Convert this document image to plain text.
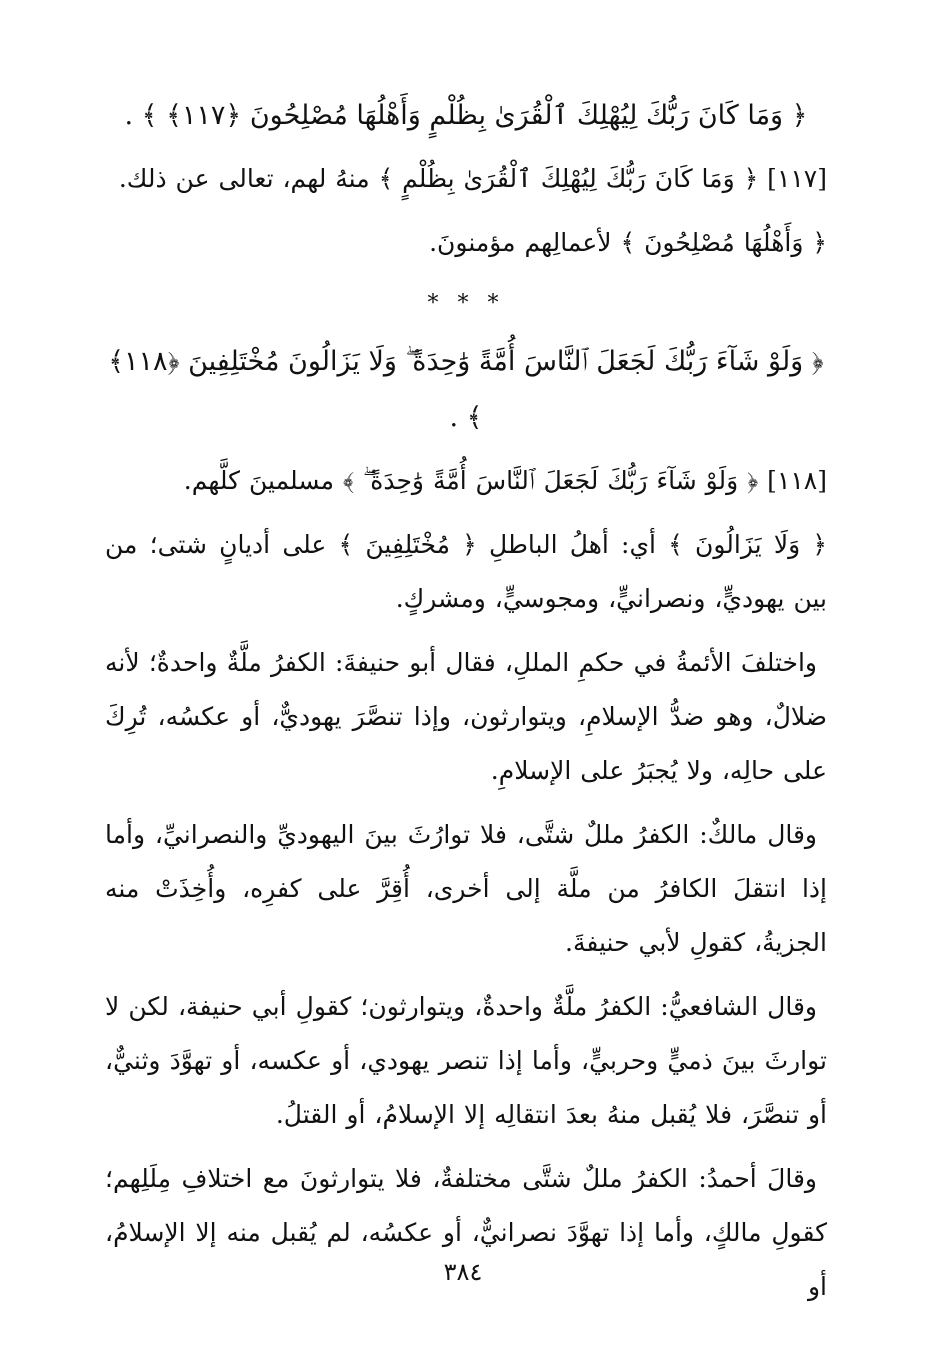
﴿ وَمَا كَانَ رَبُّكَ لِيُهْلِكَ ٱلْقُرَىٰ بِظُلْمٍ وَأَهْلُهَا مُصْلِحُونَ ﴿١١٧﴾ ﴾ .

[١١٧] ﴿ وَمَا كَانَ رَبُّكَ لِيُهْلِكَ ٱلْقُرَىٰ بِظُلْمٍ ﴾ منهُ لهم، تعالى عن ذلك.

﴿ وَأَهْلُهَا مُصْلِحُونَ ﴾ لأعمالِهم مؤمنونَ.

* * *

﴿ وَلَوْ شَآءَ رَبُّكَ لَجَعَلَ ٱلنَّاسَ أُمَّةً وَٰحِدَةً ۖ وَلَا يَزَالُونَ مُخْتَلِفِينَ ﴿١١٨﴾ ﴾ .

[١١٨] ﴿ وَلَوْ شَآءَ رَبُّكَ لَجَعَلَ ٱلنَّاسَ أُمَّةً وَٰحِدَةً ۖ ﴾ مسلمينَ كلَّهم.

﴿ وَلَا يَزَالُونَ ﴾ أي: أهلُ الباطلِ ﴿ مُخْتَلِفِينَ ﴾ على أديانٍ شتى؛ من بين يهوديٍّ، ونصرانيٍّ، ومجوسيٍّ، ومشركٍ.

واختلفَ الأئمةُ في حكمِ المللِ، فقال أبو حنيفةَ: الكفرُ ملَّةٌ واحدةٌ؛ لأنه ضلالٌ، وهو ضدُّ الإسلامِ، ويتوارثون، وإذا تنصَّرَ يهوديٌّ، أو عكسُه، تُرِكَ على حالِه، ولا يُجبَرُ على الإسلامِ.

وقال مالكٌ: الكفرُ مللٌ شتَّى، فلا توارُثَ بينَ اليهوديِّ والنصرانيِّ، وأما إذا انتقلَ الكافرُ من ملَّة إلى أخرى، أُقِرَّ على كفرِه، وأُخِذَتْ منه الجزيةُ، كقولِ لأبي حنيفةَ.

وقال الشافعيُّ: الكفرُ ملَّةٌ واحدةٌ، ويتوارثون؛ كقولِ أبي حنيفة، لكن لا توارثَ بينَ ذميٍّ وحربيٍّ، وأما إذا تنصر يهودي، أو عكسه، أو تهوَّدَ وثنيٌّ، أو تنصَّرَ، فلا يُقبل منهُ بعدَ انتقالِه إلا الإسلامُ، أو القتلُ.

وقالَ أحمدُ: الكفرُ مللٌ شتَّى مختلفةٌ، فلا يتوارثونَ مع اختلافِ مِلَلِهم؛ كقولِ مالكٍ، وأما إذا تهوَّدَ نصرانيٌّ، أو عكسُه، لم يُقبل منه إلا الإسلامُ، أو

٣٨٤
